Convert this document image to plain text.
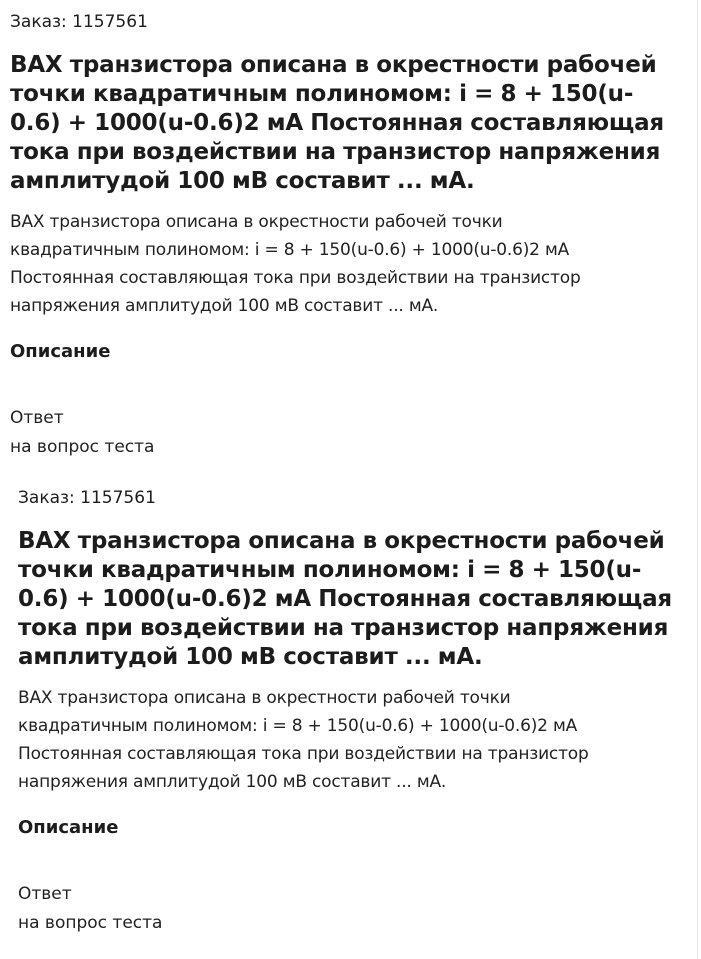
Заказ: 1157561

ВАХ транзистора описана в окрестности рабочей точки квадратичным полиномом: i = 8 + 150(u-0.6) + 1000(u-0.6)2 мА Постоянная составляющая тока при воздействии на транзистор напряжения амплитудой 100 мВ составит ... мА.
ВАХ транзистора описана в окрестности рабочей точки
квадратичным полиномом: i = 8 + 150(u-0.6) + 1000(u-0.6)2 мА
Постоянная составляющая тока при воздействии на транзистор
напряжения амплитудой 100 мВ составит ... мА.
Описание

Ответ

на вопрос теста

Заказ: 1157561

ВАХ транзистора описана в окрестности рабочей точки квадратичным полиномом: i = 8 + 150(u-0.6) + 1000(u-0.6)2 мА Постоянная составляющая тока при воздействии на транзистор напряжения амплитудой 100 мВ составит ... мА.
ВАХ транзистора описана в окрестности рабочей точки
квадратичным полиномом: i = 8 + 150(u-0.6) + 1000(u-0.6)2 мА
Постоянная составляющая тока при воздействии на транзистор
напряжения амплитудой 100 мВ составит ... мА.
Описание

Ответ

на вопрос теста
